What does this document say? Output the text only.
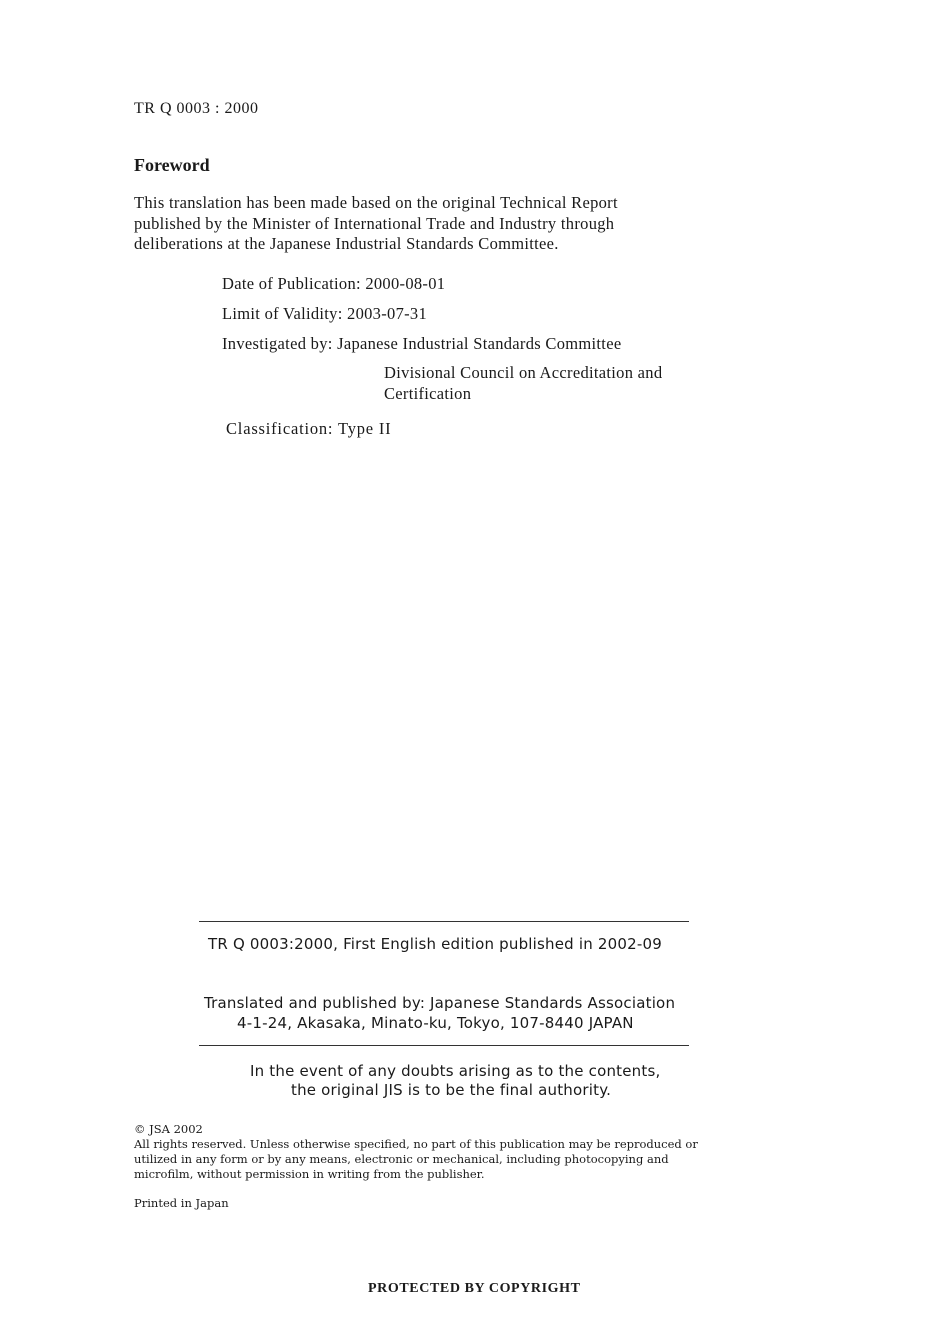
TR Q 0003 : 2000
Foreword
This translation has been made based on the original Technical Report
published by the Minister of International Trade and Industry through
deliberations at the Japanese Industrial Standards Committee.
Date of Publication: 2000-08-01
Limit of Validity: 2003-07-31
Investigated by: Japanese Industrial Standards Committee
Divisional Council on Accreditation and
Certification
Classification: Type II
TR Q 0003:2000, First English edition published in 2002-09
Translated and published by: Japanese Standards Association
4-1-24, Akasaka, Minato-ku, Tokyo, 107-8440 JAPAN
In the event of any doubts arising as to the contents,
the original JIS is to be the final authority.
© JSA 2002
All rights reserved. Unless otherwise specified, no part of this publication may be reproduced or
utilized in any form or by any means, electronic or mechanical, including photocopying and
microfilm, without permission in writing from the publisher.
Printed in Japan
PROTECTED BY COPYRIGHT
